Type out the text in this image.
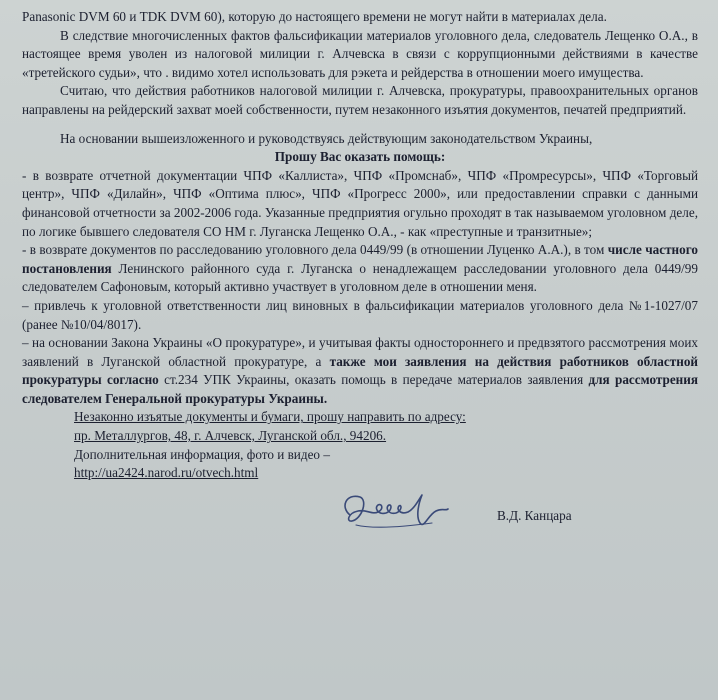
Panasonic DVM 60 и TDK DVM 60), которую до настоящего времени не могут найти в материалах дела.

В следствие многочисленных фактов фальсификации материалов уголовного дела, следователь Лещенко О.А., в настоящее время уволен из налоговой милиции г. Алчевска в связи с коррупционными действиями в качестве «третейского судьи», что . видимо хотел использовать для рэкета и рейдерства в отношении моего имущества.

Считаю, что действия работников налоговой милиции г. Алчевска, прокуратуры, правоохранительных органов направлены на рейдерский захват моей собственности, путем незаконного изъятия документов, печатей предприятий.

На основании вышеизложенного и руководствуясь действующим законодательством Украины,

Прошу Вас оказать помощь:

- в возврате отчетной документации ЧПФ «Каллиста», ЧПФ «Промснаб», ЧПФ «Промресурсы», ЧПФ «Торговый центр», ЧПФ «Дилайн», ЧПФ «Оптима плюс», ЧПФ «Прогресс 2000», или предоставлении справки с данными финансовой отчетности за 2002-2006 года. Указанные предприятия огульно проходят в так называемом уголовном деле, по логике бывшего следователя СО НМ г. Луганска Лещенко О.А., - как «преступные и транзитные»;

- в возврате документов по расследованию уголовного дела 0449/99 (в отношении Луценко А.А.), в том числе частного постановления Ленинского районного суда г. Луганска о ненадлежащем расследовании уголовного дела 0449/99 следователем Сафоновым, который активно участвует в уголовном деле в отношении меня.

– привлечь к уголовной ответственности лиц виновных в фальсификации материалов уголовного дела №1-1027/07 (ранее №10/04/8017).

– на основании Закона Украины «О прокуратуре», и учитывая факты одностороннего и предвзятого рассмотрения моих заявлений в Луганской областной прокуратуре, а также мои заявления на действия работников областной прокуратуры согласно ст.234 УПК Украины, оказать помощь в передаче материалов заявления для рассмотрения следователем Генеральной прокуратуры Украины.

Незаконно изъятые документы и бумаги, прошу направить по адресу:
пр. Металлургов, 48, г. Алчевск, Луганской обл., 94206.
Дополнительная информация, фото и видео –
http://ua2424.narod.ru/otvech.html
В.Д. Канцара
